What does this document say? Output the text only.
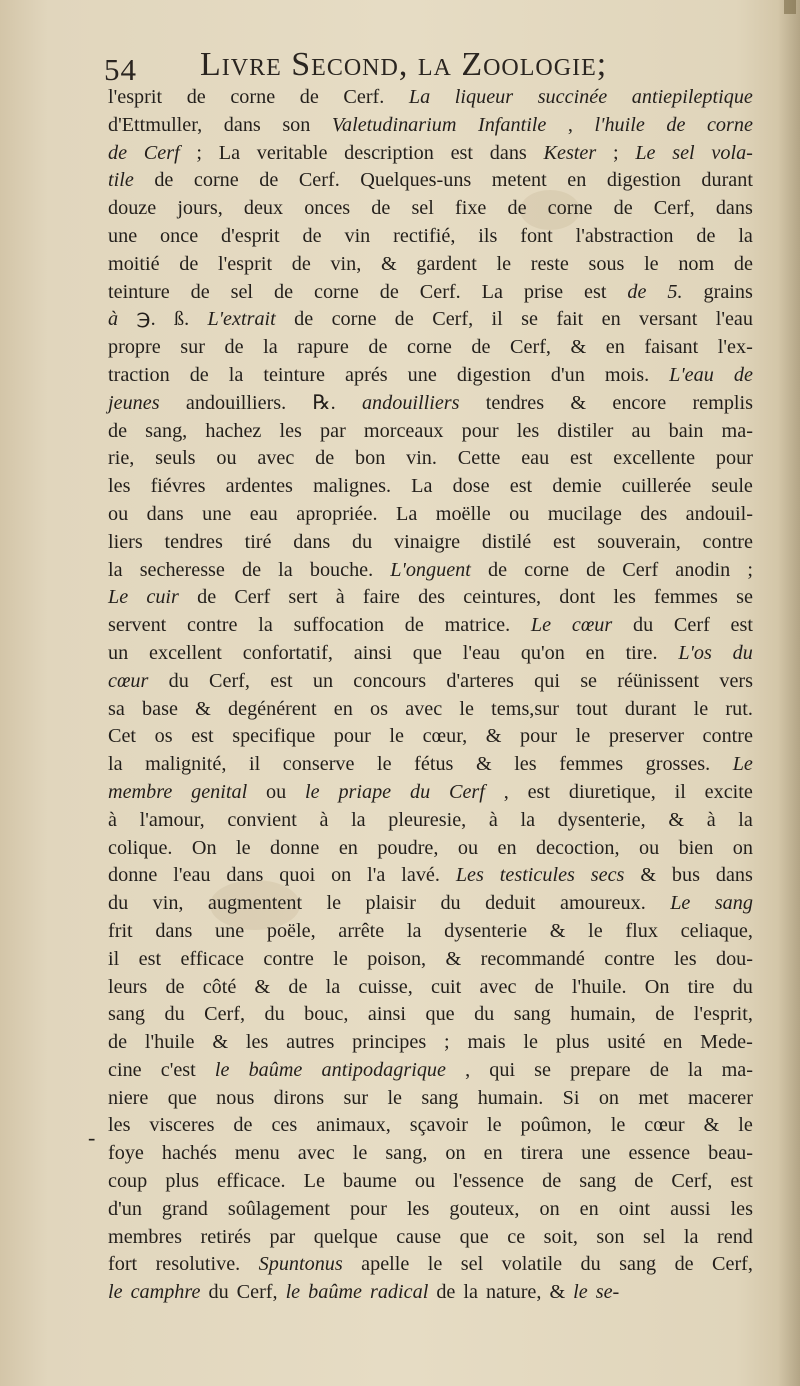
54 Livre Second, la Zoologie;
-
l'esprit de corne de Cerf. La liqueur succinée antiepileptique
d'Ettmuller, dans son Valetudinarium Infantile , l'huile de corne
de Cerf ; La veritable description est dans Kester ; Le sel vola-
tile de corne de Cerf. Quelques-uns metent en digestion durant
douze jours, deux onces de sel fixe de corne de Cerf, dans
une once d'esprit de vin rectifié, ils font l'abstraction de la
moitié de l'esprit de vin, & gardent le reste sous le nom de
teinture de sel de corne de Cerf. La prise est de 5. grains
à ℈. ß. L'extrait de corne de Cerf, il se fait en versant l'eau
propre sur de la rapure de corne de Cerf, & en faisant l'ex-
traction de la teinture aprés une digestion d'un mois. L'eau de
jeunes andouilliers. ℞. andouilliers tendres & encore remplis
de sang, hachez les par morceaux pour les distiler au bain ma-
rie, seuls ou avec de bon vin. Cette eau est excellente pour
les fiévres ardentes malignes. La dose est demie cuillerée seule
ou dans une eau apropriée. La moëlle ou mucilage des andouil-
liers tendres tiré dans du vinaigre distilé est souverain, contre
la secheresse de la bouche. L'onguent de corne de Cerf anodin ;
Le cuir de Cerf sert à faire des ceintures, dont les femmes se
servent contre la suffocation de matrice. Le cœur du Cerf est
un excellent confortatif, ainsi que l'eau qu'on en tire. L'os du
cœur du Cerf, est un concours d'arteres qui se réünissent vers
sa base & degénérent en os avec le tems,sur tout durant le rut.
Cet os est specifique pour le cœur, & pour le preserver contre
la malignité, il conserve le fétus & les femmes grosses. Le
membre genital ou le priape du Cerf , est diuretique, il excite
à l'amour, convient à la pleuresie, à la dysenterie, & à la
colique. On le donne en poudre, ou en decoction, ou bien on
donne l'eau dans quoi on l'a lavé. Les testicules secs & bus dans
du vin, augmentent le plaisir du deduit amoureux. Le sang
frit dans une poële, arrête la dysenterie & le flux celiaque,
il est efficace contre le poison, & recommandé contre les dou-
leurs de côté & de la cuisse, cuit avec de l'huile. On tire du
sang du Cerf, du bouc, ainsi que du sang humain, de l'esprit,
de l'huile & les autres principes ; mais le plus usité en Mede-
cine c'est le baûme antipodagrique , qui se prepare de la ma-
niere que nous dirons sur le sang humain. Si on met macerer
les visceres de ces animaux, sçavoir le poûmon, le cœur & le
foye hachés menu avec le sang, on en tirera une essence beau-
coup plus efficace. Le baume ou l'essence de sang de Cerf, est
d'un grand soûlagement pour les gouteux, on en oint aussi les
membres retirés par quelque cause que ce soit, son sel la rend
fort resolutive. Spuntonus apelle le sel volatile du sang de Cerf,
le camphre du Cerf, le baûme radical de la nature, & le se-
